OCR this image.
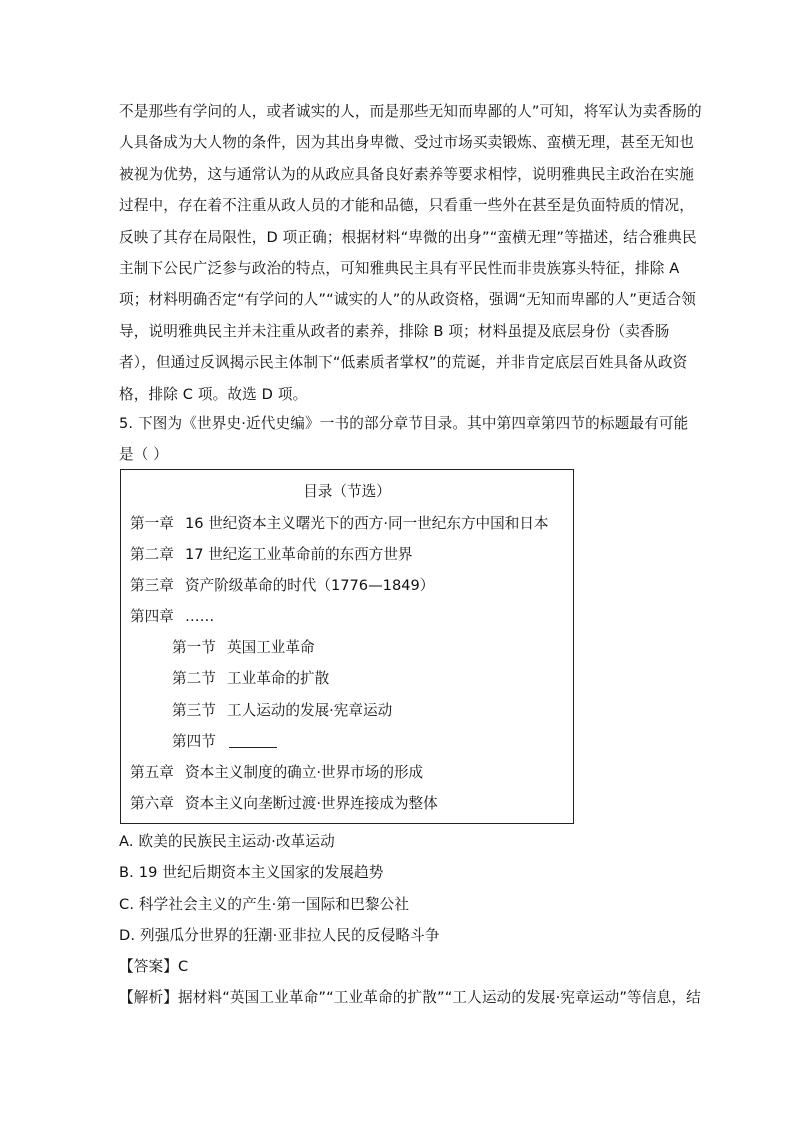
不是那些有学问的人，或者诚实的人，而是那些无知而卑鄙的人”可知，将军认为卖香肠的
人具备成为大人物的条件，因为其出身卑微、受过市场买卖锻炼、蛮横无理，甚至无知也
被视为优势，这与通常认为的从政应具备良好素养等要求相悖，说明雅典民主政治在实施
过程中，存在着不注重从政人员的才能和品德，只看重一些外在甚至是负面特质的情况，
反映了其存在局限性，D 项正确；根据材料“卑微的出身”“蛮横无理”等描述，结合雅典民
主制下公民广泛参与政治的特点，可知雅典民主具有平民性而非贵族寡头特征，排除 A
项；材料明确否定“有学问的人”“诚实的人”的从政资格，强调“无知而卑鄙的人”更适合领
导，说明雅典民主并未注重从政者的素养，排除 B 项；材料虽提及底层身份（卖香肠
者），但通过反讽揭示民主体制下“低素质者掌权”的荒诞，并非肯定底层百姓具备从政资
格，排除 C 项。故选 D 项。
5. 下图为《世界史·近代史编》一书的部分章节目录。其中第四章第四节的标题最有可能
是（ ）
目录（节选）
第一章 16 世纪资本主义曙光下的西方·同一世纪东方中国和日本
第二章 17 世纪迄工业革命前的东西方世界
第三章 资产阶级革命的时代（1776—1849）
第四章 ……
第一节 英国工业革命
第二节 工业革命的扩散
第三节 工人运动的发展·宪章运动
第四节
第五章 资本主义制度的确立·世界市场的形成
第六章 资本主义向垄断过渡·世界连接成为整体
A. 欧美的民族民主运动·改革运动
B. 19 世纪后期资本主义国家的发展趋势
C. 科学社会主义的产生·第一国际和巴黎公社
D. 列强瓜分世界的狂潮·亚非拉人民的反侵略斗争
【答案】C
【解析】据材料“英国工业革命”“工业革命的扩散”“工人运动的发展·宪章运动”等信息，结
